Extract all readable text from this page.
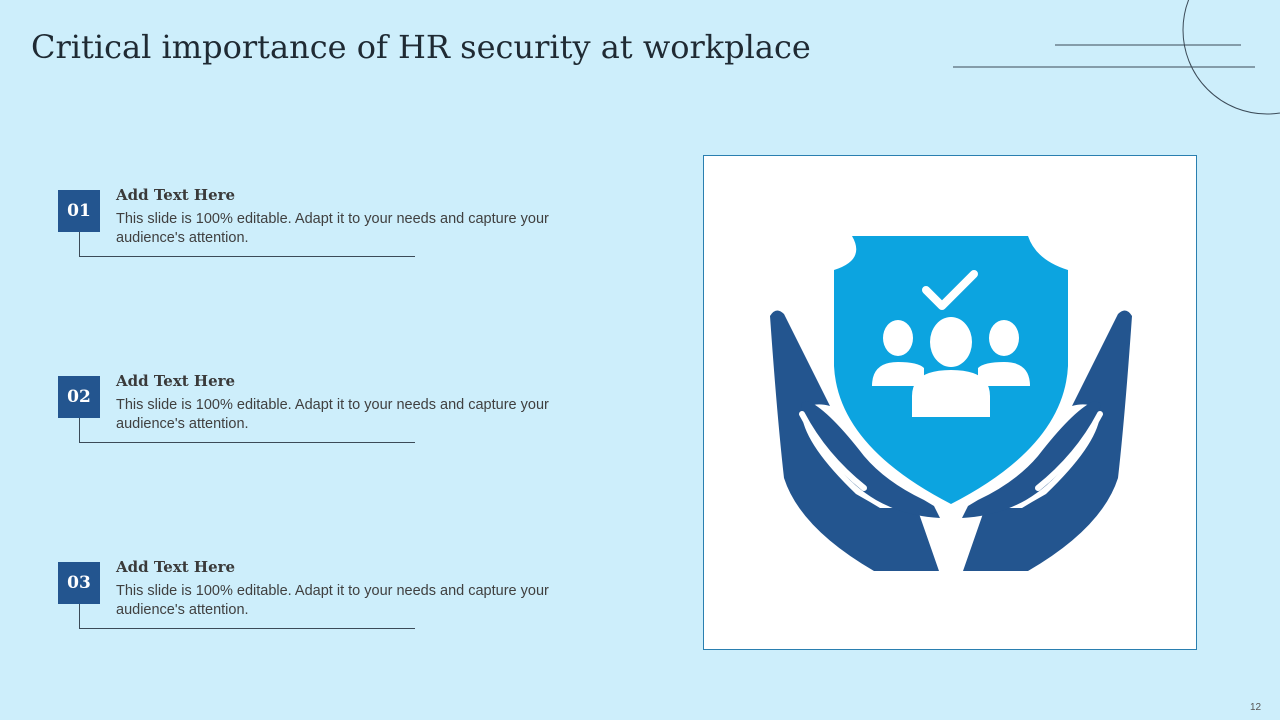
Critical importance of HR security at workplace
01
Add Text Here
This slide is 100% editable. Adapt it to your needs and capture your audience's attention.
02
Add Text Here
This slide is 100% editable. Adapt it to your needs and capture your audience's attention.
03
Add Text Here
This slide is 100% editable. Adapt it to your needs and capture your audience's attention.
12
